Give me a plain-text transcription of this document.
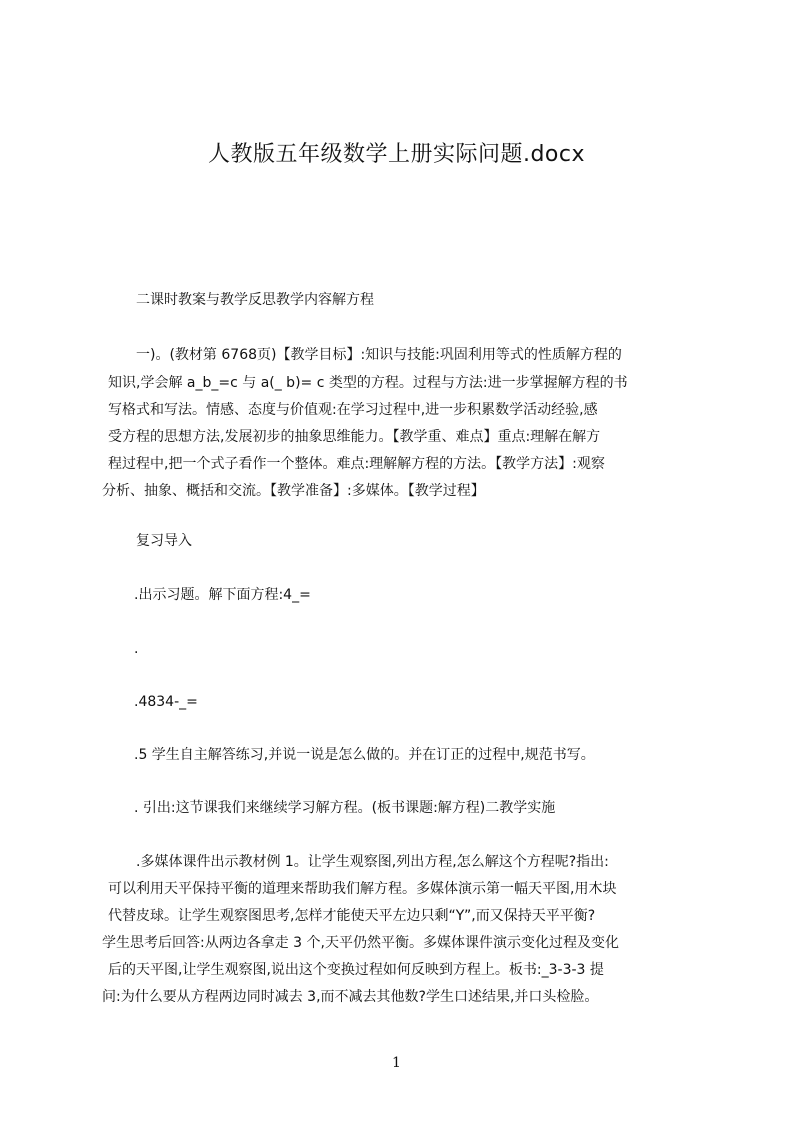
人教版五年级数学上册实际问题.docx
二课时教案与教学反思教学内容解方程
一)。(教材第 6768页)【教学目标】:知识与技能:巩固利用等式的性质解方程的
知识,学会解 a_b_=c 与 a(_ b)= c 类型的方程。过程与方法:进一步掌握解方程的书
写格式和写法。情感、态度与价值观:在学习过程中,进一步积累数学活动经验,感
受方程的思想方法,发展初步的抽象思维能力。【教学重、难点】重点:理解在解方
程过程中,把一个式子看作一个整体。难点:理解解方程的方法。【教学方法】:观察
分析、抽象、概括和交流。【教学准备】:多媒体。【教学过程】
复习导入
.出示习题。解下面方程:4_=
.
.4834-_=
.5 学生自主解答练习,并说一说是怎么做的。并在订正的过程中,规范书写。
. 引出:这节课我们来继续学习解方程。(板书课题:解方程)二教学实施
.多媒体课件出示教材例 1。让学生观察图,列出方程,怎么解这个方程呢?指出:
可以利用天平保持平衡的道理来帮助我们解方程。多媒体演示第一幅天平图,用木块
代替皮球。让学生观察图思考,怎样才能使天平左边只剩“Y”,而又保持天平平衡?
学生思考后回答:从两边各拿走 3 个,天平仍然平衡。多媒体课件演示变化过程及变化
后的天平图,让学生观察图,说出这个变换过程如何反映到方程上。板书:_3-3-3 提
问:为什么要从方程两边同时减去 3,而不减去其他数?学生口述结果,并口头检脸。
1
